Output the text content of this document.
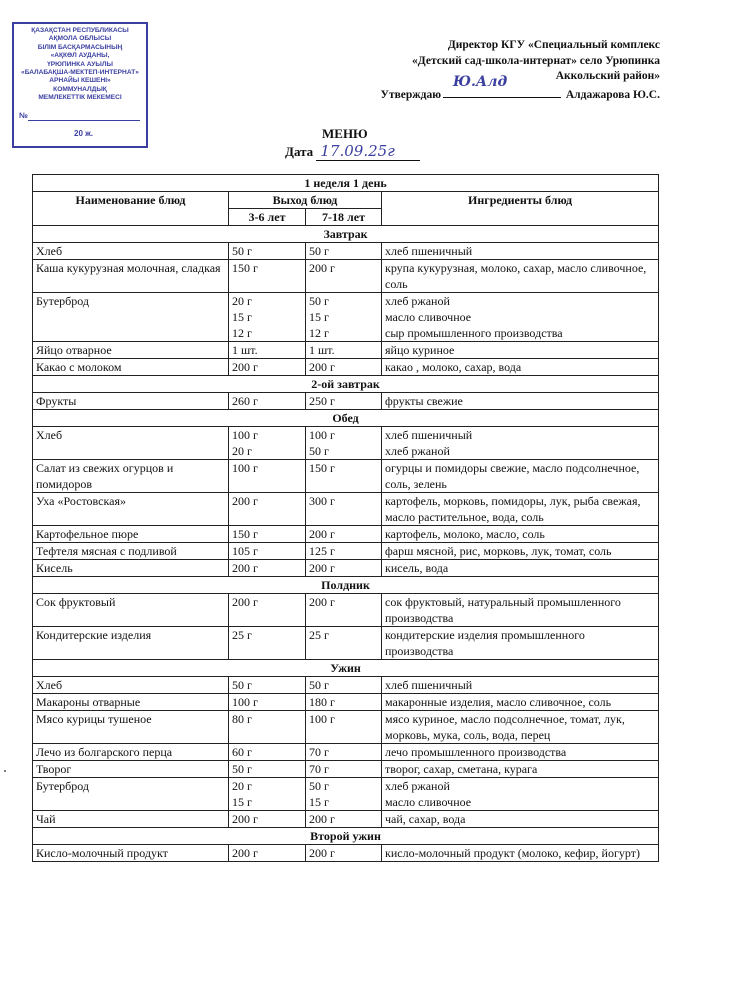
ҚАЗАҚСТАН РЕСПУБЛИКАСЫ
АҚМОЛА ОБЛЫСЫ
БІЛІМ БАСҚАРМАСЫНЫҢ
«АҚКӨЛ АУДАНЫ,
ҮРЮПИНКА АУЫЛЫ
«БАЛАБАҚША-МЕКТЕП-ИНТЕРНАТ»
АРНАЙЫ КЕШЕНІ»
КОММУНАЛДЫҚ
МЕМЛЕКЕТТІК МЕКЕМЕСІ
№
20 ж.
Директор КГУ «Специальный комплекс
«Детский сад-школа-интернат» село Урюпинка
Аккольский район»
Утверждаю
Ю.Алд
Алдажарова Ю.С.
МЕНЮ
Дата 17.09.25г
1 неделя 1 день			
Наименование блюд	Выход блюд		Ингредиенты блюд
	3-6 лет	7-18 лет	
Завтрак			
Хлеб	50 г	50 г	хлеб пшеничный

Каша кукурузная молочная, сладкая	150 г	200 г	крупа кукурузная, молоко, сахар, масло сливочное, соль

Бутерброд	20 г
15 г
12 г	50 г
15 г
12 г	хлеб ржаной
масло сливочное
сыр промышленного производства

Яйцо отварное	1 шт.	1 шт.	яйцо куриное

Какао с молоком	200 г	200 г	какао , молоко, сахар, вода

2-ой завтрак			
Фрукты	260 г	250 г	фрукты свежие

Обед			
Хлеб	100 г
20 г	100 г
50 г	хлеб пшеничный
хлеб ржаной

Салат из свежих огурцов и помидоров	100 г	150 г	огурцы и помидоры свежие, масло подсолнечное, соль, зелень

Уха «Ростовская»	200 г	300 г	картофель, морковь, помидоры, лук, рыба свежая, масло растительное, вода, соль

Картофельное пюре	150 г	200 г	картофель, молоко, масло, соль

Тефтеля мясная с подливой	105 г	125 г	фарш мясной, рис, морковь, лук, томат, соль

Кисель	200 г	200 г	кисель, вода

Полдник			
Сок фруктовый	200 г	200 г	сок фруктовый, натуральный промышленного производства

Кондитерские изделия	25 г	25 г	кондитерские изделия промышленного производства

Ужин			
Хлеб	50 г	50 г	хлеб пшеничный

Макароны отварные	100 г	180 г	макаронные изделия, масло сливочное, соль

Мясо курицы тушеное	80 г	100 г	мясо куриное, масло подсолнечное, томат, лук, морковь, мука, соль, вода, перец

Лечо из болгарского перца	60 г	70 г	лечо промышленного производства

Творог	50 г	70 г	творог, сахар, сметана, курага

Бутерброд	20 г
15 г	50 г
15 г	хлеб ржаной
масло сливочное

Чай	200 г	200 г	чай, сахар, вода

Второй ужин			
Кисло-молочный продукт	200 г	200 г	кисло-молочный продукт (молоко, кефир, йогурт)
